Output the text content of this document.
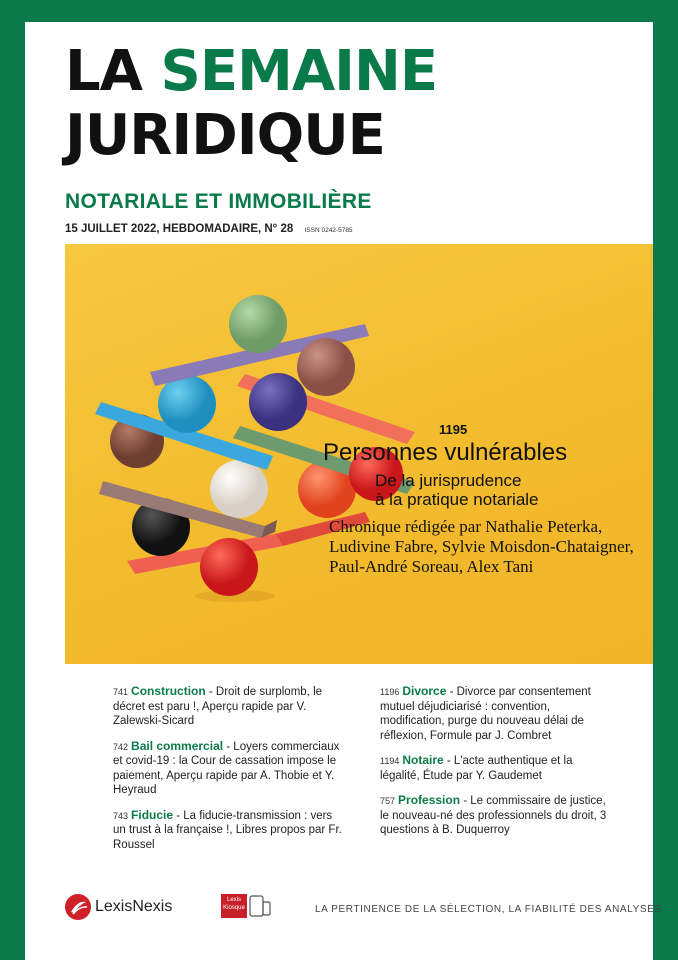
LA SEMAINE
JURIDIQUE
NOTARIALE ET IMMOBILIÈRE
15 JUILLET 2022, HEBDOMADAIRE, N° 28 ISSN 0242-5785
1195
Personnes vulnérables
De la jurisprudence
à la pratique notariale
Chronique rédigée par Nathalie Peterka,
Ludivine Fabre, Sylvie Moisdon-Chataigner,
Paul-André Soreau, Alex Tani
741 Construction - Droit de surplomb, le décret est paru !, Aperçu rapide par V. Zalewski-Sicard
742 Bail commercial - Loyers commerciaux et covid-19 : la Cour de cassation impose le paiement, Aperçu rapide par A. Thobie et Y. Heyraud
743 Fiducie - La fiducie-transmission : vers un trust à la française !, Libres propos par Fr. Roussel
1196 Divorce - Divorce par consentement mutuel déjudiciarisé : convention, modification, purge du nouveau délai de réflexion, Formule par J. Combret
1194 Notaire - L'acte authentique et la légalité, Étude par Y. Gaudemet
757 Profession - Le commissaire de justice, le nouveau-né des professionnels du droit, 3 questions à B. Duquerroy
LexisNexis	Lexis
Kiosque	LA PERTINENCE DE LA SÉLECTION, LA FIABILITÉ DES ANALYSES
